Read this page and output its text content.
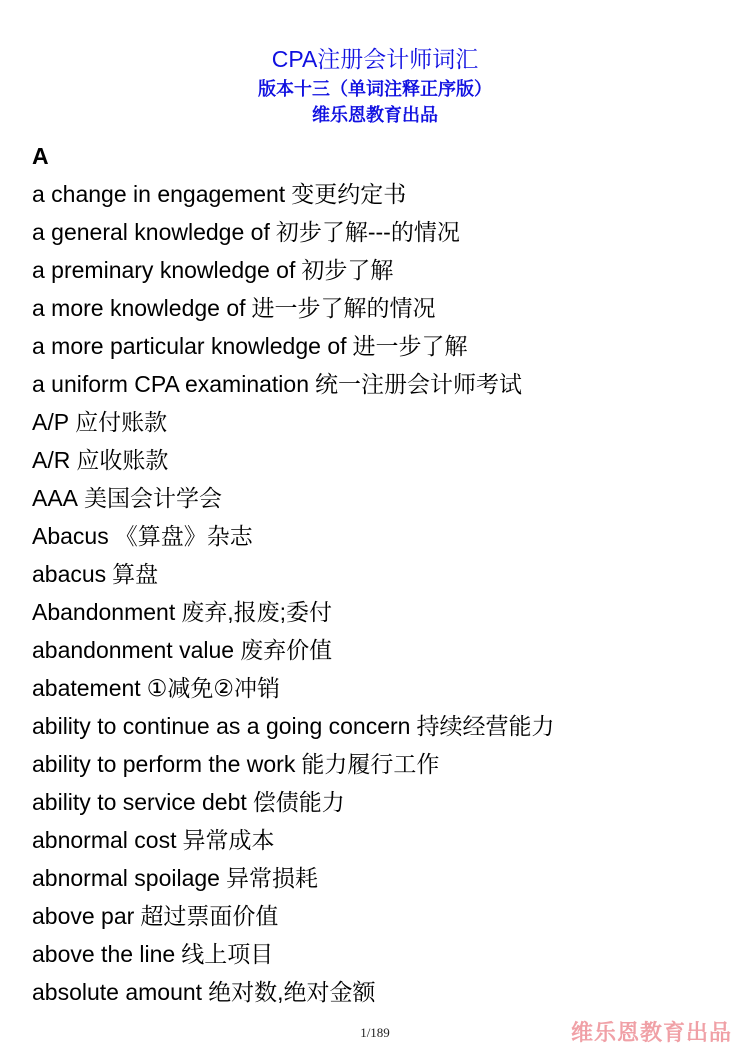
CPA注册会计师词汇
版本十三（单词注释正序版）
维乐恩教育出品
A
a change in engagement 变更约定书
a general knowledge of 初步了解---的情况
a preminary knowledge of 初步了解
a more knowledge of 进一步了解的情况
a more particular knowledge of 进一步了解
a uniform CPA examination 统一注册会计师考试
A/P 应付账款
A/R 应收账款
AAA 美国会计学会
Abacus 《算盘》杂志
abacus 算盘
Abandonment 废弃,报废;委付
abandonment value 废弃价值
abatement ①减免②冲销
ability to continue as a going concern 持续经营能力
ability to perform the work 能力履行工作
ability to service debt 偿债能力
abnormal cost 异常成本
abnormal spoilage 异常损耗
above par 超过票面价值
above the line 线上项目
absolute amount 绝对数,绝对金额
1/189	维乐恩教育出品
